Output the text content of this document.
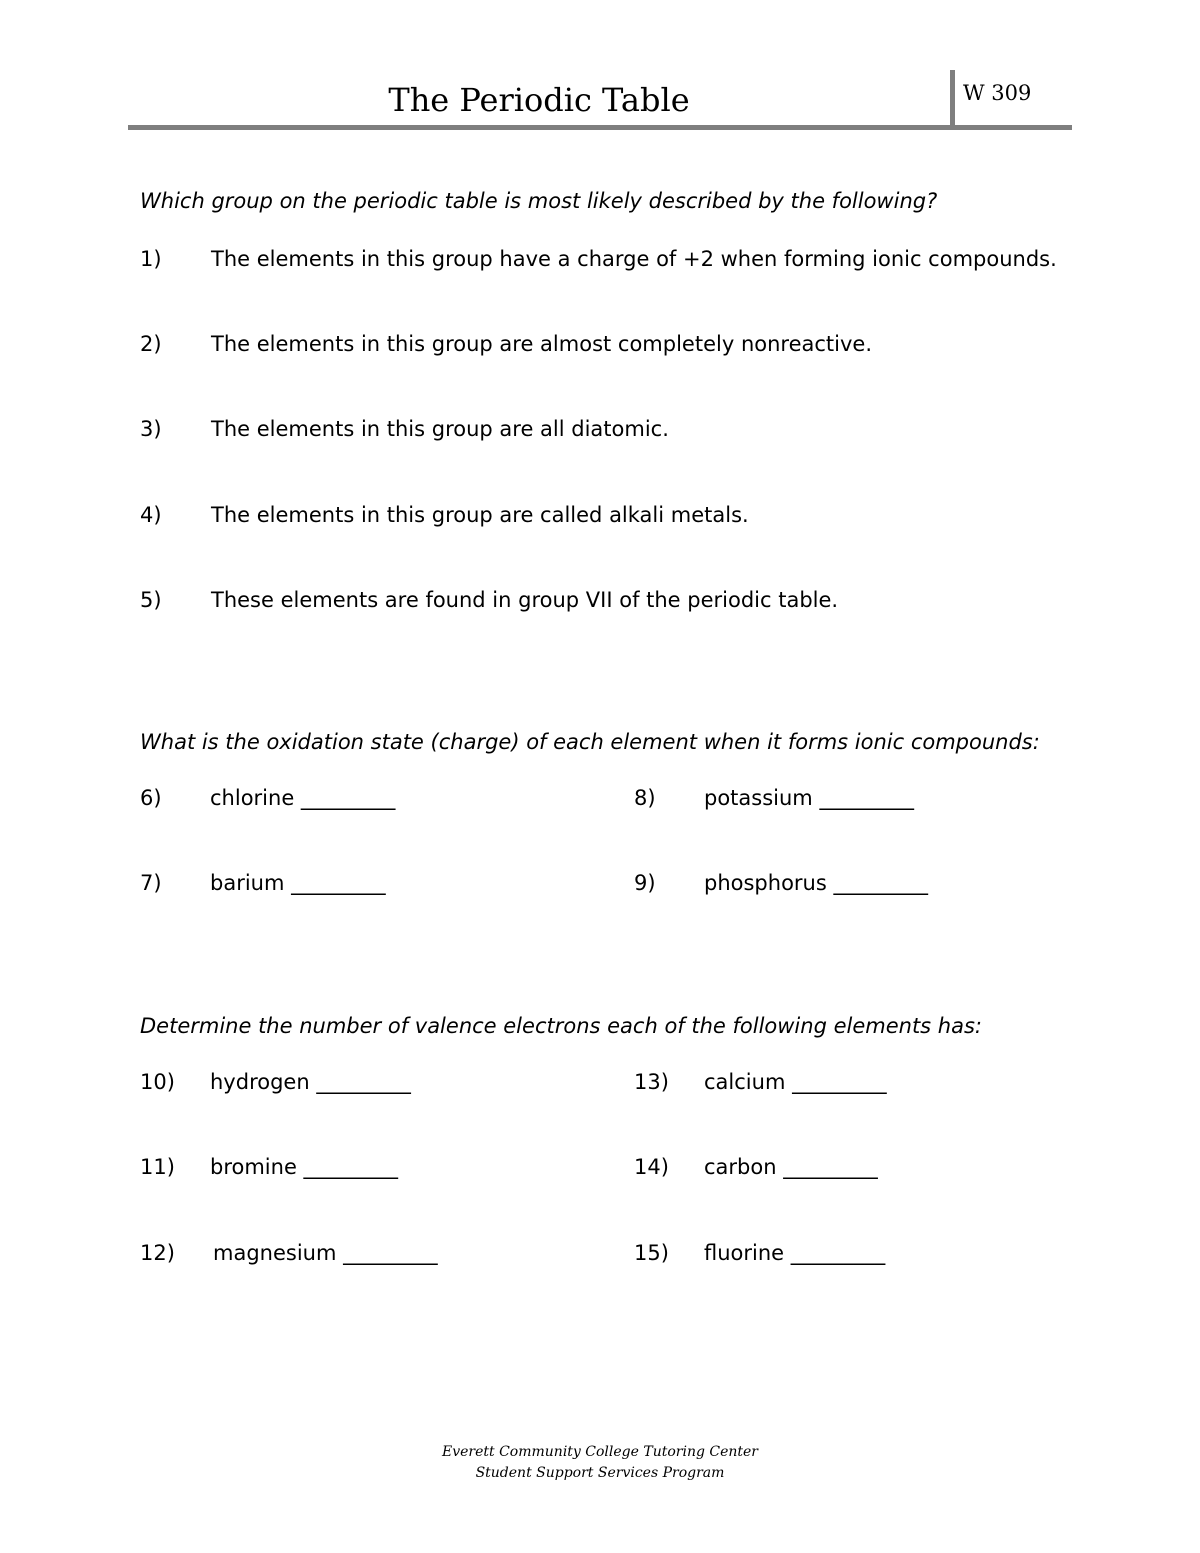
The Periodic Table	W 309
Which group on the periodic table is most likely described by the following?
1) The elements in this group have a charge of +2 when forming ionic compounds.
2) The elements in this group are almost completely nonreactive.
3) The elements in this group are all diatomic.
4) The elements in this group are called alkali metals.
5) These elements are found in group VII of the periodic table.
What is the oxidation state (charge) of each element when it forms ionic compounds:
6) chlorine _________
7) barium _________
8) potassium _________
9) phosphorus _________
Determine the number of valence electrons each of the following elements has:
10) hydrogen _________
11) bromine _________
12) magnesium _________
13) calcium _________
14) carbon _________
15) fluorine _________
Everett Community College Tutoring Center
Student Support Services Program
